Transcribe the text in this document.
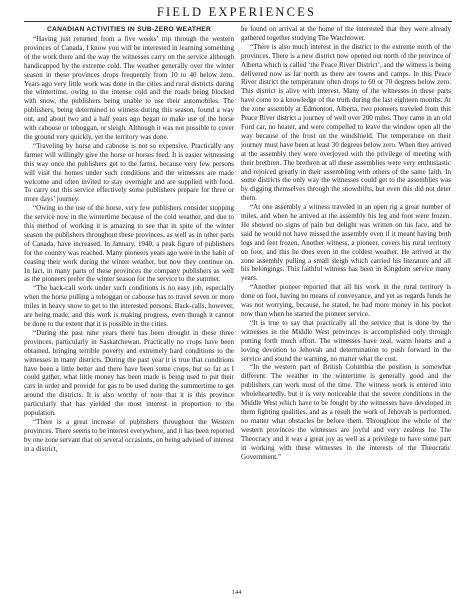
FIELD EXPERIENCES
CANADIAN ACTIVITIES IN SUB-ZERO WEATHER

“Having just returned from a five weeks’ trip through the western provinces of Canada, I know you will be interested in learning something of the work there and the way the witnesses carry on the service although handicapped by the extreme cold. The weather generally over the winter season in these provinces drops frequently from 10 to 40 below zero. Years ago very little work was done in the cities and rural districts during the wintertime, owing to the intense cold and the roads being blocked with snow, the publishers being unable to use their automobiles. The publishers, being determined to witness during this season, found a way out, and about two and a half years ago began to make use of the horse with caboose or toboggan, or sleigh. Although it was not possible to cover the ground very quickly, yet the territory was done.

“Traveling by horse and caboose is not so expensive. Practically any farmer will willingly give the horse or horses feed. It is easier witnessing this way once the publishers get to the farms, because very few persons will visit the homes under such conditions and the witnesses are made welcome and often invited to stay overnight and are supplied with food. To carry out this service effectively some publishers prepare for three or more days’ journey.

“Owing to the use of the horse, very few publishers consider stopping the service now in the wintertime because of the cold weather, and due to this method of working it is amazing to see that in spite of the winter season the publishers throughout these provinces, as well as in other parts of Canada, have increased. In January, 1940, a peak figure of publishers for the country was reached. Many pioneers years ago were in the habit of ceasing their work during the winter weather, but now they continue on. In fact, in many parts of these provinces the company publishers as well as the pioneers prefer the winter season for the service to the summer.

“The back-call work under such conditions is no easy job, especially when the horse pulling a toboggan or caboose has to travel seven or more miles in heavy snow to get to the interested persons. Back-calls, however, are being made, and this work is making progress, even though it cannot be done to the extent that it is possible in the cities.

“During the past nine years there has been drought in these three provinces, particularly in Saskatchewan. Practically no crops have been obtained, bringing terrible poverty and extremely hard conditions to the witnesses in many districts. During the past year it is true that conditions have been a little better and there have been some crops, but so far as I could gather, what little money has been made is being used to put their cars in order and provide for gas to be used during the summertime to get around the districts. It is also worthy of note that it is this province particularly that has yielded the most interest in proportion to the population.

“There is a great increase of publishers throughout the Western provinces. There seems to be interest everywhere, and it has been reported by one zone servant that on several occasions, on being advised of interest in a district,

he found on arrival at the home of the interested that they were already gathered together studying The Watchtower.

“There is also much interest in the district to the extreme north of the provinces. There is a new district now opened out north of the province of Alberta which is called ‘the Peace River District’, and the witness is being delivered now as far north as there are towns and camps. In this Peace River district the temperature often drops to 60 or 70 degrees below zero. This district is alive with interest. Many of the witnesses in these parts have come to a knowledge of the truth during the last eighteen months. At the zone assembly at Edmonton, Alberta, two pioneers traveled from this Peace River district a journey of well over 200 miles. They came in an old Ford car, no heater, and were compelled to leave the window open all the way because of the frost on the windshield. The temperature on their journey must have been at least 30 degrees below zero. When they arrived at the assembly they were overjoyed with the privilege of meeting with their brethren. The brethren at all these assemblies were very enthusiastic and rejoiced greatly in their assembling with others of the same faith. In some districts the only way the witnesses could get to the assemblies was by digging themselves through the snowdrifts, but even this did not deter them.

“At one assembly a witness traveled in an open rig a great number of miles, and when he arrived at the assembly his leg and foot were frozen. He showed no signs of pain but delight was written on his face, and he said he would not have missed the assembly even if it meant having both legs and feet frozen. Another witness, a pioneer, covers his rural territory on foot, and this he does even in the coldest weather. He arrived at the zone assembly pulling a small sleigh which carried his literature and all his belongings. This faithful witness has been in Kingdom service many years.

“Another pioneer reported that all his work in the rural territory is done on foot, having no means of conveyance, and yet as regards funds he was not worrying, because, he stated, he had more money in his pocket now than when he started the pioneer service.

“It is true to say that practically all the service that is done by the witnesses in the Middle West provinces is accomplished only through putting forth much effort. The witnesses have zeal, warm hearts and a loving devotion to Jehovah and determination to push forward in the service and sound the warning, no matter what the cost.

“In the western part of British Columbia the position is somewhat different. The weather in the wintertime is generally good and the publishers can work most of the time. The witness work is entered into wholeheartedly, but it is very noticeable that the severe conditions in the Middle West which have to be fought by the witnesses have developed in them fighting qualities, and as a result the work of Jehovah is performed, no matter what obstacles be before them. Throughout the whole of the western provinces the witnesses are joyful and very zealous for The Theocracy and it was a great joy as well as a privilege to have some part in working with these witnesses in the interests of the Theocratic Government.”

144
